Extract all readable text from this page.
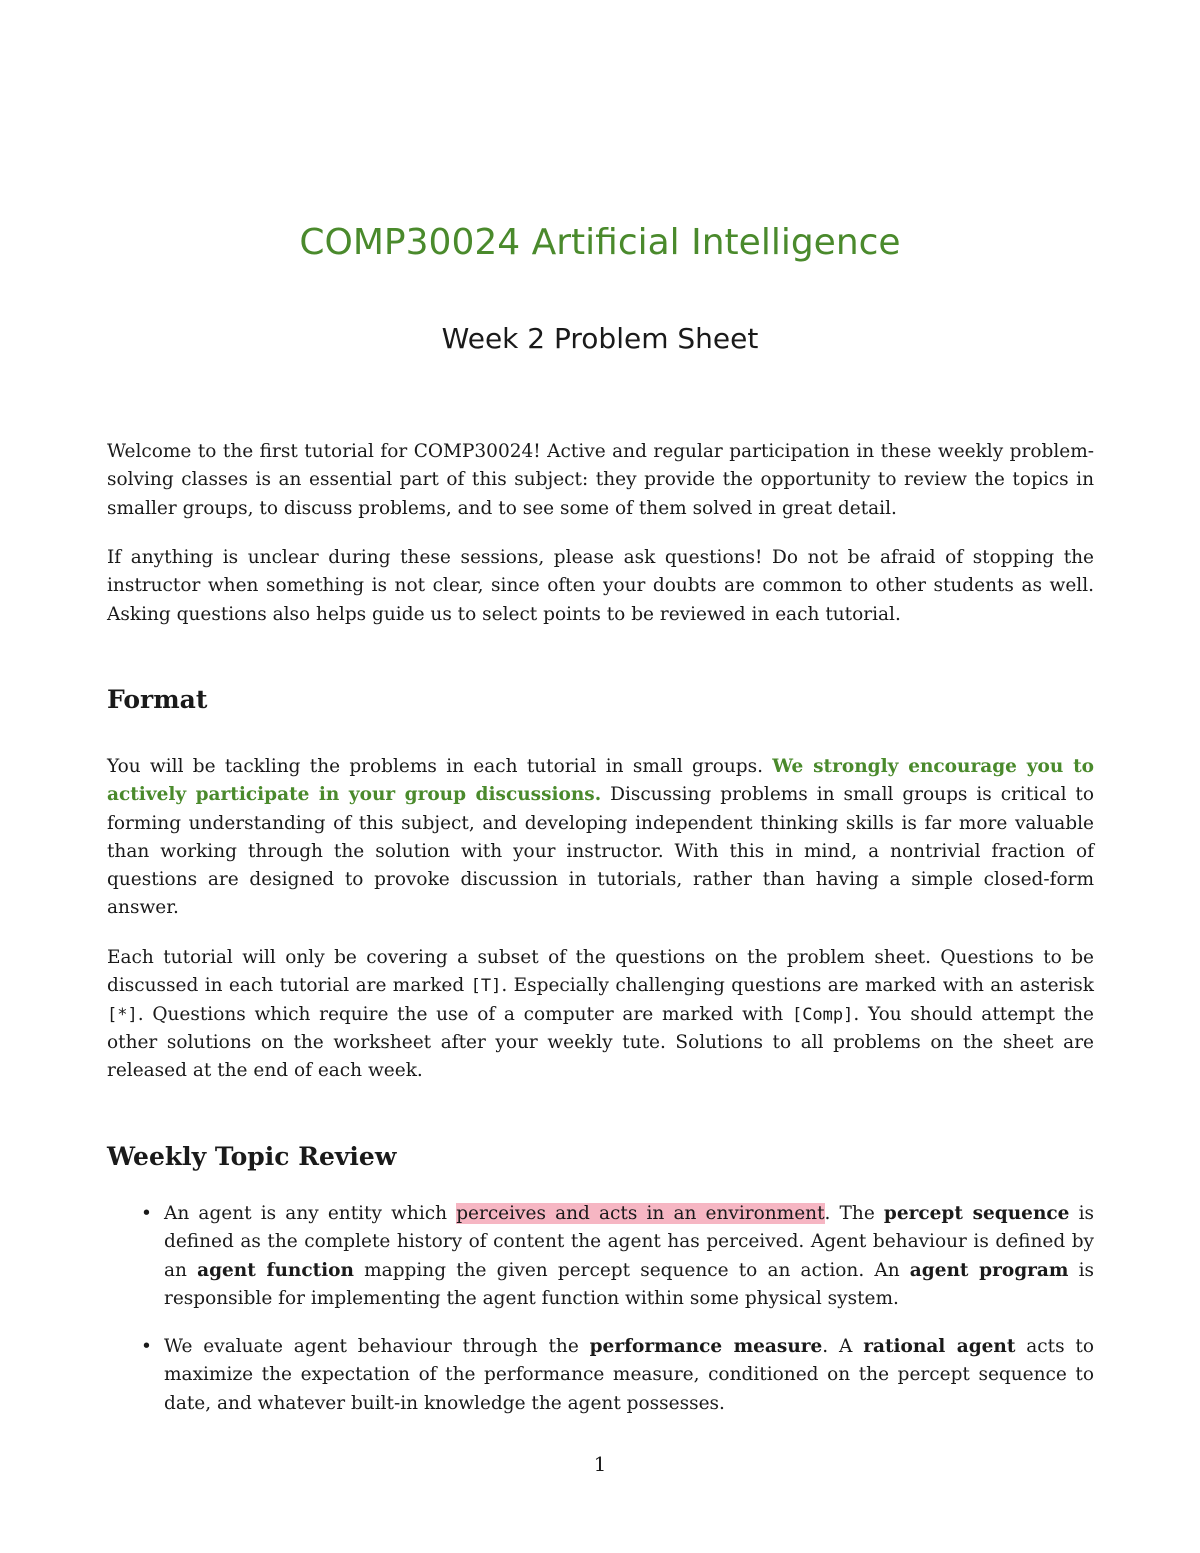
COMP30024 Artificial Intelligence
Week 2 Problem Sheet

Welcome to the first tutorial for COMP30024! Active and regular participation in these weekly problem-solving classes is an essential part of this subject: they provide the opportunity to review the topics in smaller groups, to discuss problems, and to see some of them solved in great detail.

If anything is unclear during these sessions, please ask questions! Do not be afraid of stopping the instructor when something is not clear, since often your doubts are common to other students as well. Asking questions also helps guide us to select points to be reviewed in each tutorial.

Format

You will be tackling the problems in each tutorial in small groups. We strongly encourage you to actively participate in your group discussions. Discussing problems in small groups is critical to forming understanding of this subject, and developing independent thinking skills is far more valuable than working through the solution with your instructor. With this in mind, a nontrivial fraction of questions are designed to provoke discussion in tutorials, rather than having a simple closed-form answer.

Each tutorial will only be covering a subset of the questions on the problem sheet. Questions to be discussed in each tutorial are marked [T]. Especially challenging questions are marked with an asterisk [*]. Questions which require the use of a computer are marked with [Comp]. You should attempt the other solutions on the worksheet after your weekly tute. Solutions to all problems on the sheet are released at the end of each week.

Weekly Topic Review
• An agent is any entity which perceives and acts in an environment. The percept sequence is defined as the complete history of content the agent has perceived. Agent behaviour is defined by an agent function mapping the given percept sequence to an action. An agent program is responsible for implementing the agent function within some physical system.
• We evaluate agent behaviour through the performance measure. A rational agent acts to maximize the expectation of the performance measure, conditioned on the percept sequence to date, and whatever built-in knowledge the agent possesses.
1
